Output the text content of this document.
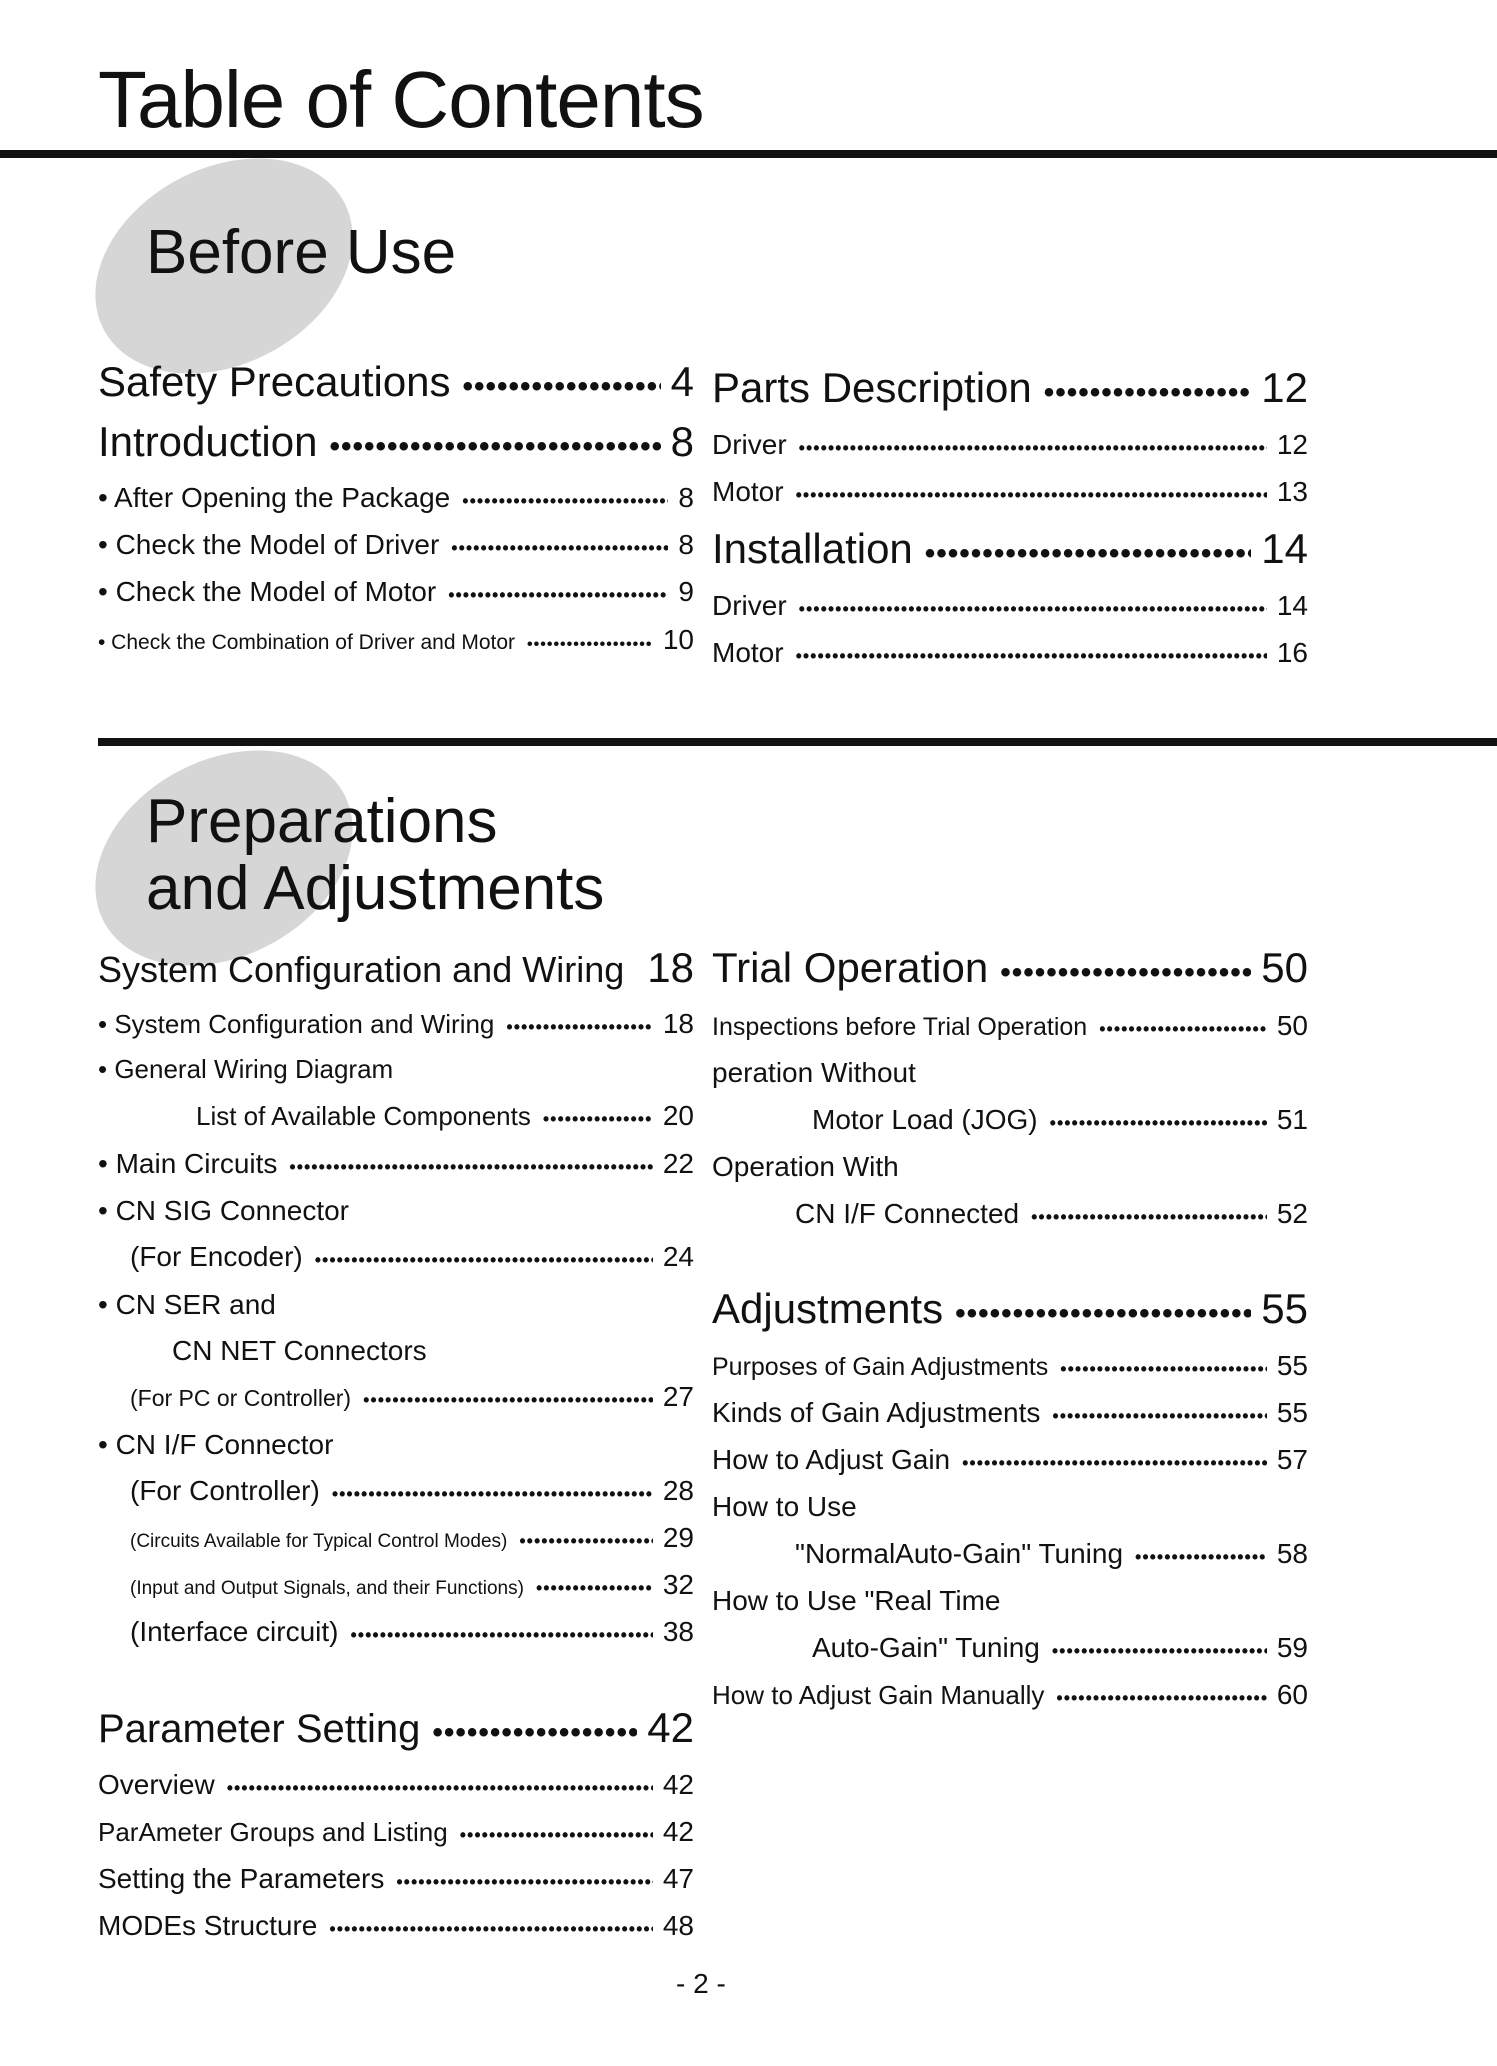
Table of Contents
Before Use
Safety Precautions •••••	4
Introduction •••••	8
• After Opening the Package •••••	8
• Check the Model of Driver •••••	8
• Check the Model of Motor •••••	9
• Check the Combination of Driver and Motor •••••	10
Parts Description •••••	12
Driver •••••	12
Motor •••••	13
Installation •••••	14
Driver •••••	14
Motor •••••	16
Preparations
and Adjustments
System Configuration and Wiring ••••• 18
• System Configuration and Wiring •••••	18
• General Wiring Diagram
List of Available Components •••••	20
• Main Circuits •••••	22
• CN SIG Connector
(For Encoder) •••••	24
• CN SER and
CN NET Connectors
(For PC or Controller) •••••	27
• CN I/F Connector
(For Controller) •••••	28
(Circuits Available for Typical Control Modes) •••••	29
(Input and Output Signals, and their Functions) •••••	32
(Interface circuit) •••••	38
Parameter Setting •••••	42
Overview •••••	42
ParAmeter Groups and Listing •••••	42
Setting the Parameters •••••	47
MODEs Structure •••••	48
Trial Operation •••••	50
Inspections before Trial Operation •••••	50
peration Without
Motor Load (JOG) •••••	51
Operation With
CN I/F Connected •••••	52
Adjustments •••••	55
Purposes of Gain Adjustments •••••	55
Kinds of Gain Adjustments •••••	55
How to Adjust Gain •••••	57
How to Use
"NormalAuto-Gain" Tuning •••••	58
How to Use "Real Time
Auto-Gain" Tuning •••••	59
How to Adjust Gain Manually •••••	60
- 2 -
